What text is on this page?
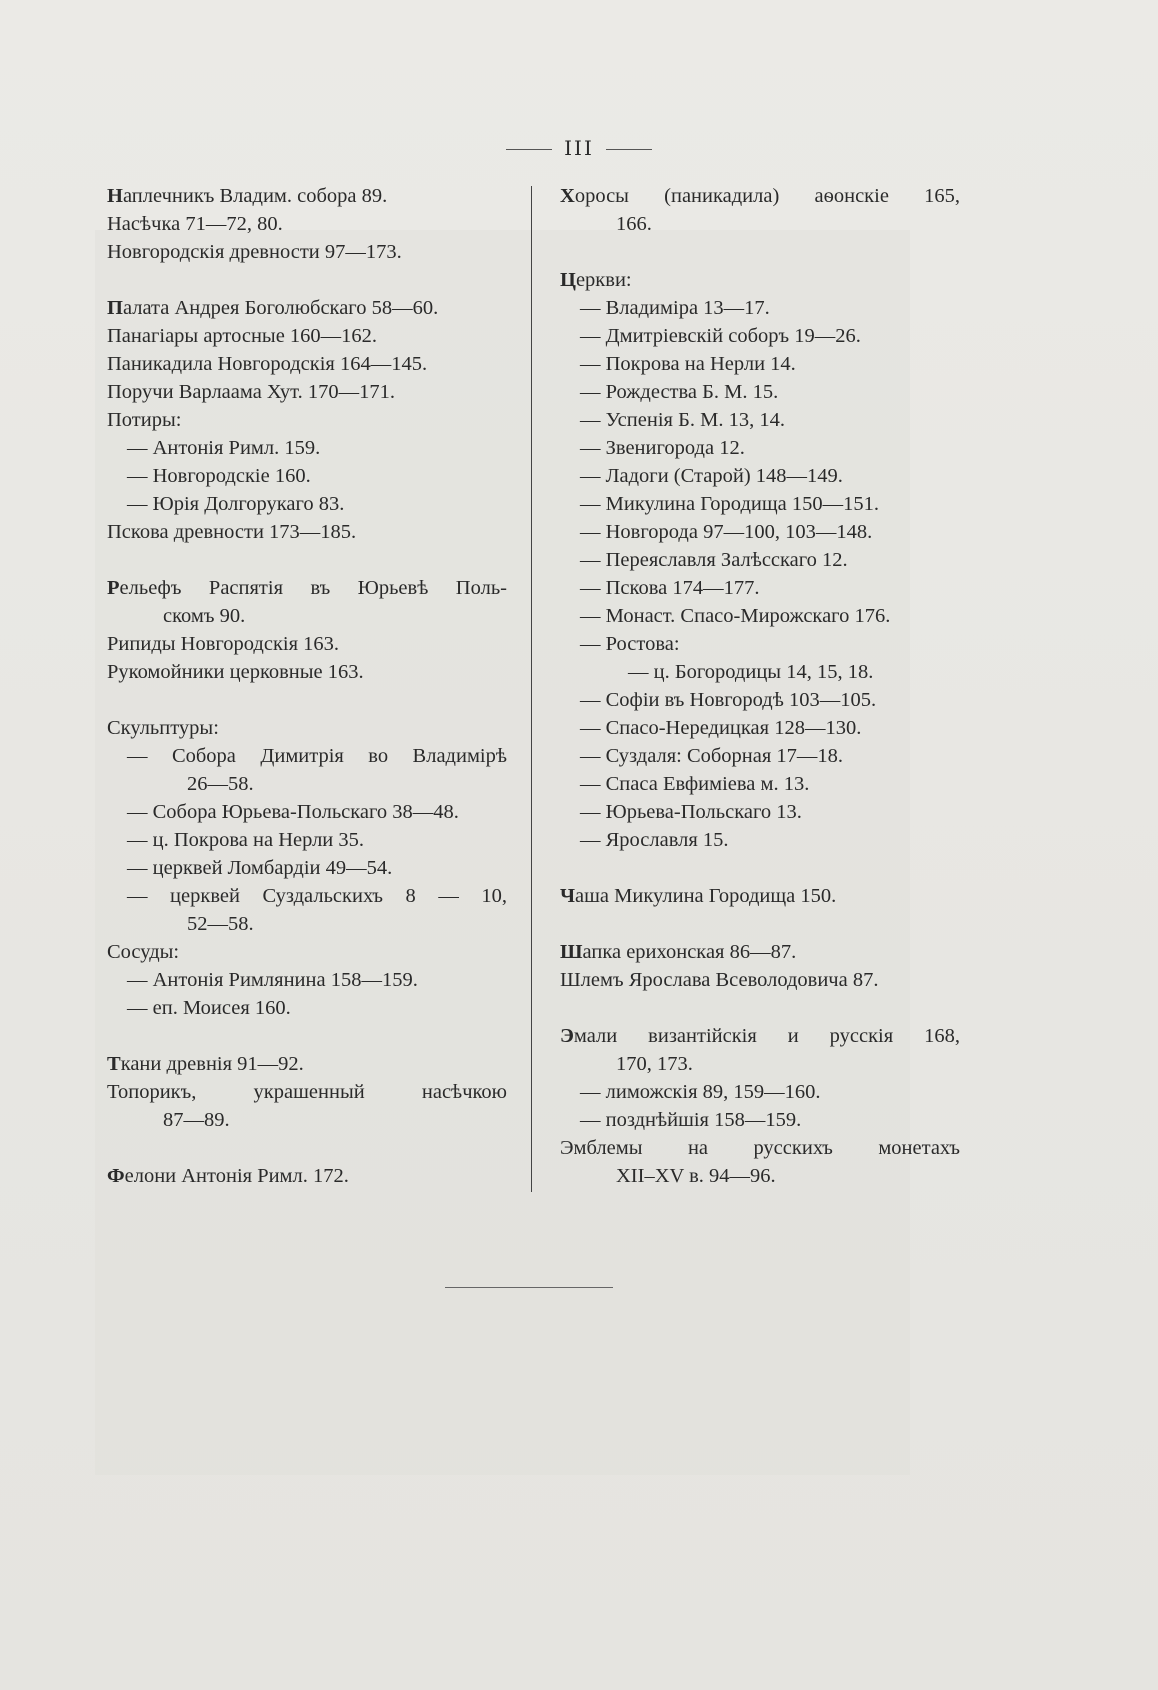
III
Наплечникъ Владим. собора 89.
Насѣчка 71—72, 80.
Новгородскія древности 97—173.
Палата Андрея Боголюбскаго 58—60.
Панагіары артосные 160—162.
Паникадила Новгородскія 164—145.
Поручи Варлаама Хут. 170—171.
Потиры:
— Антонія Римл. 159.
— Новгородскіе 160.
— Юрія Долгорукаго 83.
Пскова древности 173—185.
Рельефъ Распятія въ Юрьевѣ Поль-
скомъ 90.
Рипиды Новгородскія 163.
Рукомойники церковные 163.
Скульптуры:
— Собора Димитрія во Владимірѣ
26—58.
— Собора Юрьева-Польскаго 38—48.
— ц. Покрова на Нерли 35.
— церквей Ломбардіи 49—54.
— церквей Суздальскихъ 8 — 10,
52—58.
Сосуды:
— Антонія Римлянина 158—159.
— еп. Моисея 160.
Ткани древнія 91—92.
Топорикъ, украшенный насѣчкою
87—89.
Фелони Антонія Римл. 172.
Хоросы (паникадила) аѳонскіе 165,
166.
Церкви:
— Владиміра 13—17.
— Дмитріевскій соборъ 19—26.
— Покрова на Нерли 14.
— Рождества Б. М. 15.
— Успенія Б. М. 13, 14.
— Звенигорода 12.
— Ладоги (Старой) 148—149.
— Микулина Городища 150—151.
— Новгорода 97—100, 103—148.
— Переяславля Залѣсскаго 12.
— Пскова 174—177.
— Монаст. Спасо-Мирожскаго 176.
— Ростова:
— ц. Богородицы 14, 15, 18.
— Софіи въ Новгородѣ 103—105.
— Спасо-Нередицкая 128—130.
— Суздаля: Соборная 17—18.
— Спаса Евфиміева м. 13.
— Юрьева-Польскаго 13.
— Ярославля 15.
Чаша Микулина Городища 150.
Шапка ерихонская 86—87.
Шлемъ Ярослава Всеволодовича 87.
Эмали византійскія и русскія 168,
170, 173.
— лиможскія 89, 159—160.
— позднѣйшія 158—159.
Эмблемы на русскихъ монетахъ
XII–XV в. 94—96.
